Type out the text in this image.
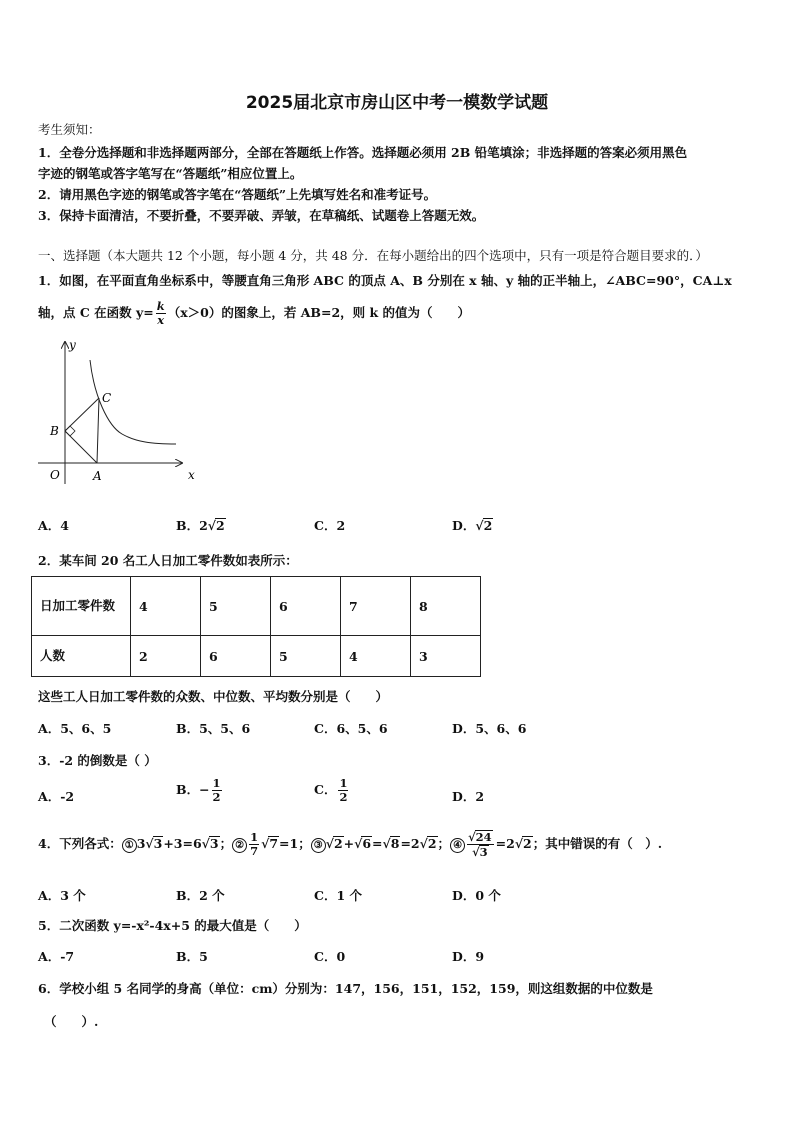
2025届北京市房山区中考一模数学试题
考生须知：
1．全卷分选择题和非选择题两部分，全部在答题纸上作答。选择题必须用 2B 铅笔填涂；非选择题的答案必须用黑色
字迹的钢笔或答字笔写在“答题纸”相应位置上。
2．请用黑色字迹的钢笔或答字笔在“答题纸”上先填写姓名和准考证号。
3．保持卡面清洁，不要折叠，不要弄破、弄皱，在草稿纸、试题卷上答题无效。
一、选择题（本大题共 12 个小题，每小题 4 分，共 48 分．在每小题给出的四个选项中，只有一项是符合题目要求的．）
1．如图，在平面直角坐标系中，等腰直角三角形 ABC 的顶点 A、B 分别在 x 轴、y 轴的正半轴上，∠ABC=90°，CA⊥x
轴，点 C 在函数 $y= \frac{k}{x} (x>0)$的图象上，若 AB=2，则 k 的值为（　　）
y
x
O	A
B
C
A．4	B．2√2	C．2	D．√2
2．某车间 20 名工人日加工零件数如表所示：
日加工零件数	4	5	6	7	8
人数	2	6	5	4	3
这些工人日加工零件数的众数、中位数、平均数分别是（　　）
A．5、6、5	B．5、5、6	C．6、5、6	D．5、6、6
3．-2 的倒数是（ ）
A．-2	B．− $\frac{1}{2}$	C． $\frac{1}{2}$	D．2
4．下列各式： ① 3√3+3=6√3； ② $\frac{1}{7} √7=1$； ③ √2+√6=√8=2√2； ④ $\frac{√24}{√3} =2√2$；其中错误的有（　）.
A．3 个	B．2 个	C．1 个	D．0 个
5．二次函数 y=-x²-4x+5 的最大值是（　　）
A．-7	B．5	C．0	D．9
6．学校小组 5 名同学的身高（单位：cm）分别为：147，156，151，152，159，则这组数据的中位数是
（　　）.
